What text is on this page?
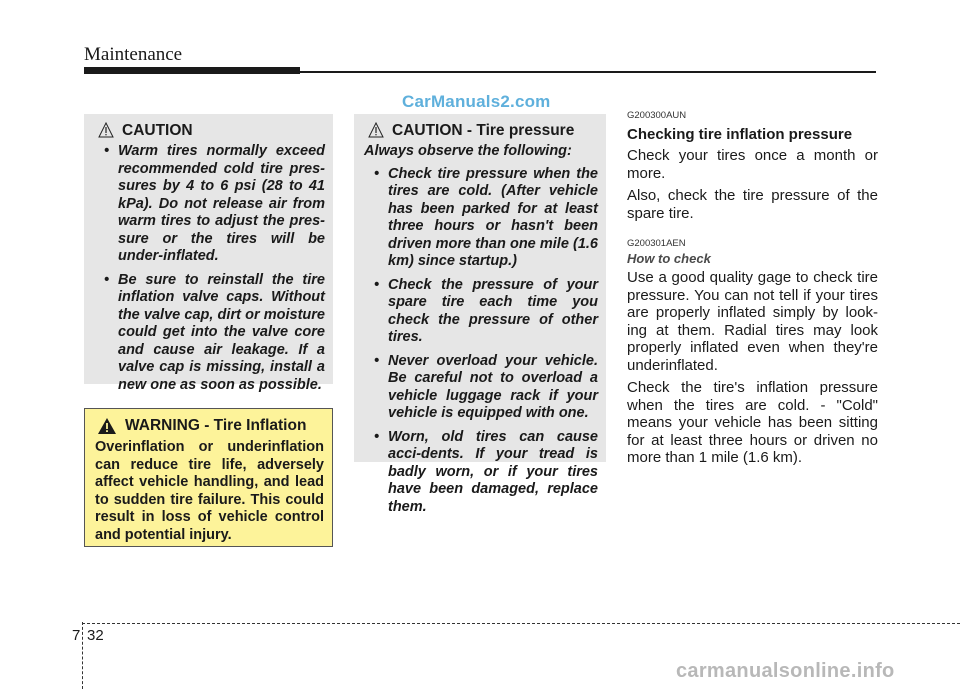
Maintenance
CarManuals2.com
CAUTION
• Warm tires normally exceed recommended cold tire pres-sures by 4 to 6 psi (28 to 41 kPa). Do not release air from warm tires to adjust the pres-sure or the tires will be under-inflated.
• Be sure to reinstall the tire inflation valve caps. Without the valve cap, dirt or moisture could get into the valve core and cause air leakage. If a valve cap is missing, install a new one as soon as possible.
WARNING - Tire Inflation
Overinflation or underinflation can reduce tire life, adversely affect vehicle handling, and lead to sudden tire failure. This could result in loss of vehicle control and potential injury.
CAUTION - Tire pressure
Always observe the following:
• Check tire pressure when the tires are cold. (After vehicle has been parked for at least three hours or hasn't been driven more than one mile (1.6 km) since startup.)
• Check the pressure of your spare tire each time you check the pressure of other tires.
• Never overload your vehicle. Be careful not to overload a vehicle luggage rack if your vehicle is equipped with one.
• Worn, old tires can cause acci-dents. If your tread is badly worn, or if your tires have been damaged, replace them.

G200300AUN

Checking tire inflation pressure

Check your tires once a month or more.

Also, check the tire pressure of the spare tire.

G200301AEN

How to check

Use a good quality gage to check tire pressure. You can not tell if your tires are properly inflated simply by look-ing at them. Radial tires may look properly inflated even when they're underinflated.

Check the tire's inflation pressure when the tires are cold. - "Cold" means your vehicle has been sitting for at least three hours or driven no more than 1 mile (1.6 km).

7 32
carmanualsonline.info
